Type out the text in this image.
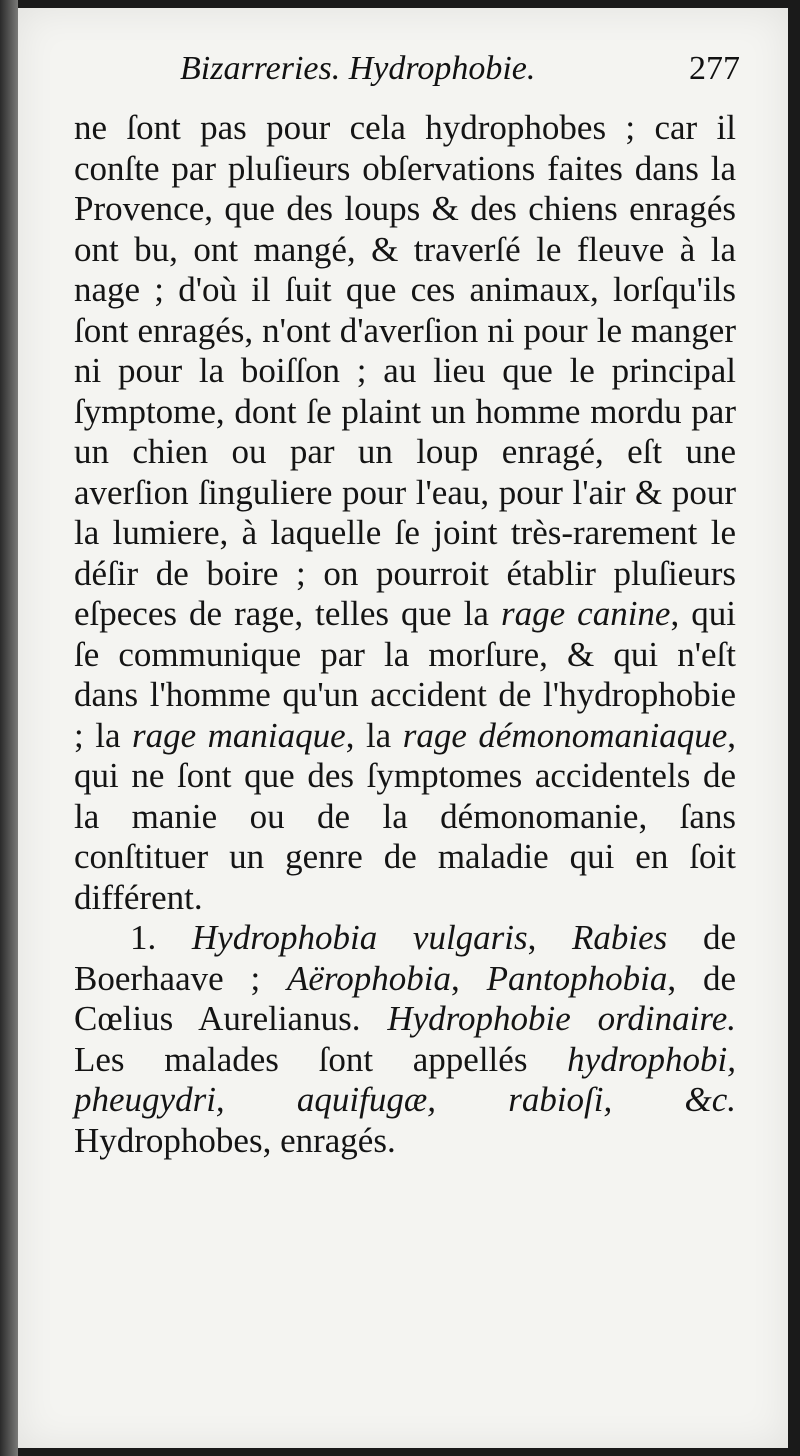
Bizarreries. Hydrophobie.	277

ne ſont pas pour cela hydrophobes ; car il conſte par pluſieurs obſervations faites dans la Provence, que des loups & des chiens enragés ont bu, ont mangé, & traverſé le fleuve à la nage ; d'où il ſuit que ces animaux, lorſqu'ils ſont enragés, n'ont d'averſion ni pour le manger ni pour la boiſſon ; au lieu que le principal ſymptome, dont ſe plaint un homme mordu par un chien ou par un loup enragé, eſt une averſion ſinguliere pour l'eau, pour l'air & pour la lumiere, à laquelle ſe joint très-rarement le déſir de boire ; on pourroit établir pluſieurs eſpeces de rage, telles que la rage canine, qui ſe communique par la morſure, & qui n'eſt dans l'homme qu'un accident de l'hydrophobie ; la rage maniaque, la rage démonomaniaque, qui ne ſont que des ſymptomes accidentels de la manie ou de la démonomanie, ſans conſtituer un genre de maladie qui en ſoit différent.

1. Hydrophobia vulgaris, Rabies de Boerhaave ; Aërophobia, Pantophobia, de Cœlius Aurelianus. Hydrophobie ordinaire. Les malades ſont appellés hydrophobi, pheugydri, aquifugæ, rabioſi, &c. Hydrophobes, enragés.
